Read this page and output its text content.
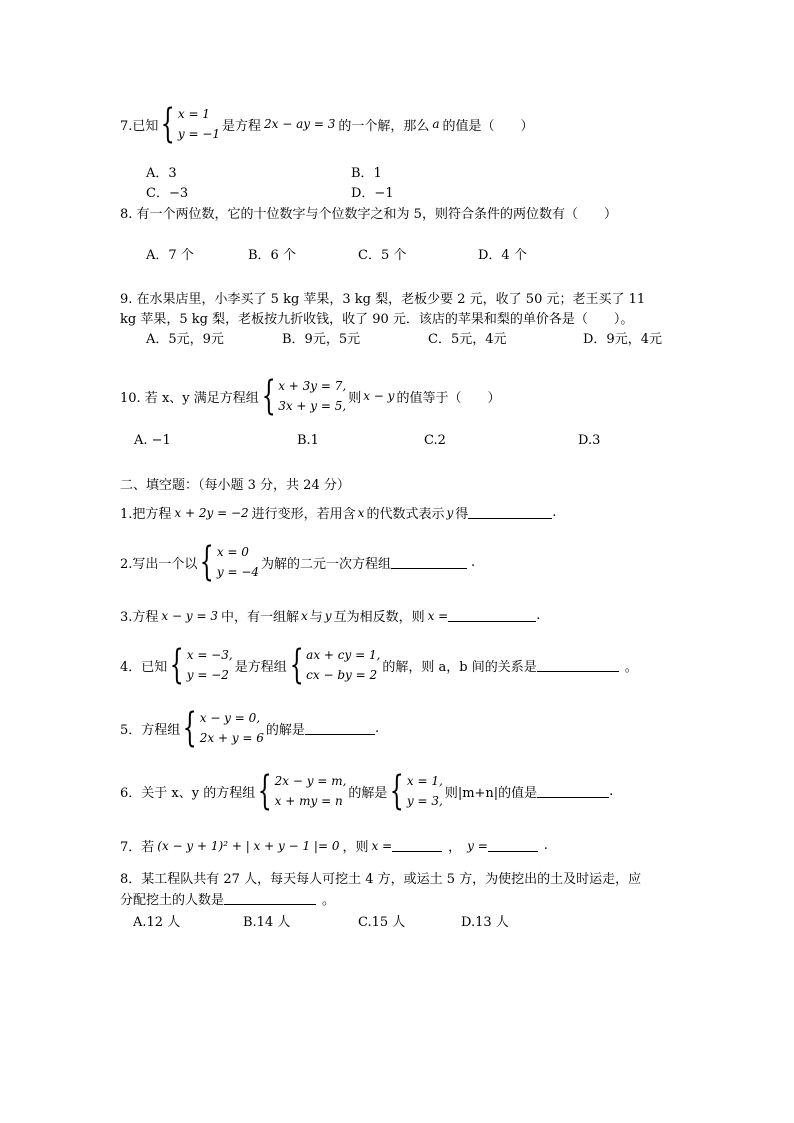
7.已知 { x = 1
y = −1
是方程 2x − ay = 3 的一个解，那么 a 的值是（　　）
A．3	B．1
C．−3	D．−1
8. 有一个两位数，它的十位数字与个位数字之和为 5，则符合条件的两位数有（　　）
A．7 个	B．6 个	C．5 个	D．4 个
9. 在水果店里，小李买了 5 kg 苹果，3 kg 梨，老板少要 2 元，收了 50 元；老王买了 11
kg 苹果，5 kg 梨，老板按九折收钱，收了 90 元．该店的苹果和梨的单价各是（　　）。
A．5元，9元	B．9元，5元	C．5元，4元	D．9元，4元
10. 若 x、y 满足方程组 { x + 3y = 7,
3x + y = 5,
则 x − y 的值等于（　　）
A. −1	B.1	C.2	D.3
二、填空题：（每小题 3 分，共 24 分）
1.把方程 x + 2y = −2 进行变形，若用含 x 的代数式表示 y 得	.
2.写出一个以 { x = 0
y = −4
为解的二元一次方程组	.
3.方程 x − y = 3 中，有一组解 x 与 y 互为相反数，则 x =	.
4．已知 { x = −3,
y = −2
是方程组 { ax + cy = 1,
cx − by = 2
的解，则 a，b 间的关系是	。
5．方程组 { x − y = 0,
2x + y = 6
的解是	.
6．关于 x、y 的方程组 { 2x − y = m,
x + my = n
的解是 { x = 1,
y = 3,
则|m+n|的值是	.
7．若 (x − y + 1)² + | x + y − 1 |= 0 ，则 x =	， y =	.
8．某工程队共有 27 人，每天每人可挖土 4 方，或运土 5 方，为使挖出的土及时运走，应
分配挖土的人数是	。
A.12 人	B.14 人	C.15 人	D.13 人
